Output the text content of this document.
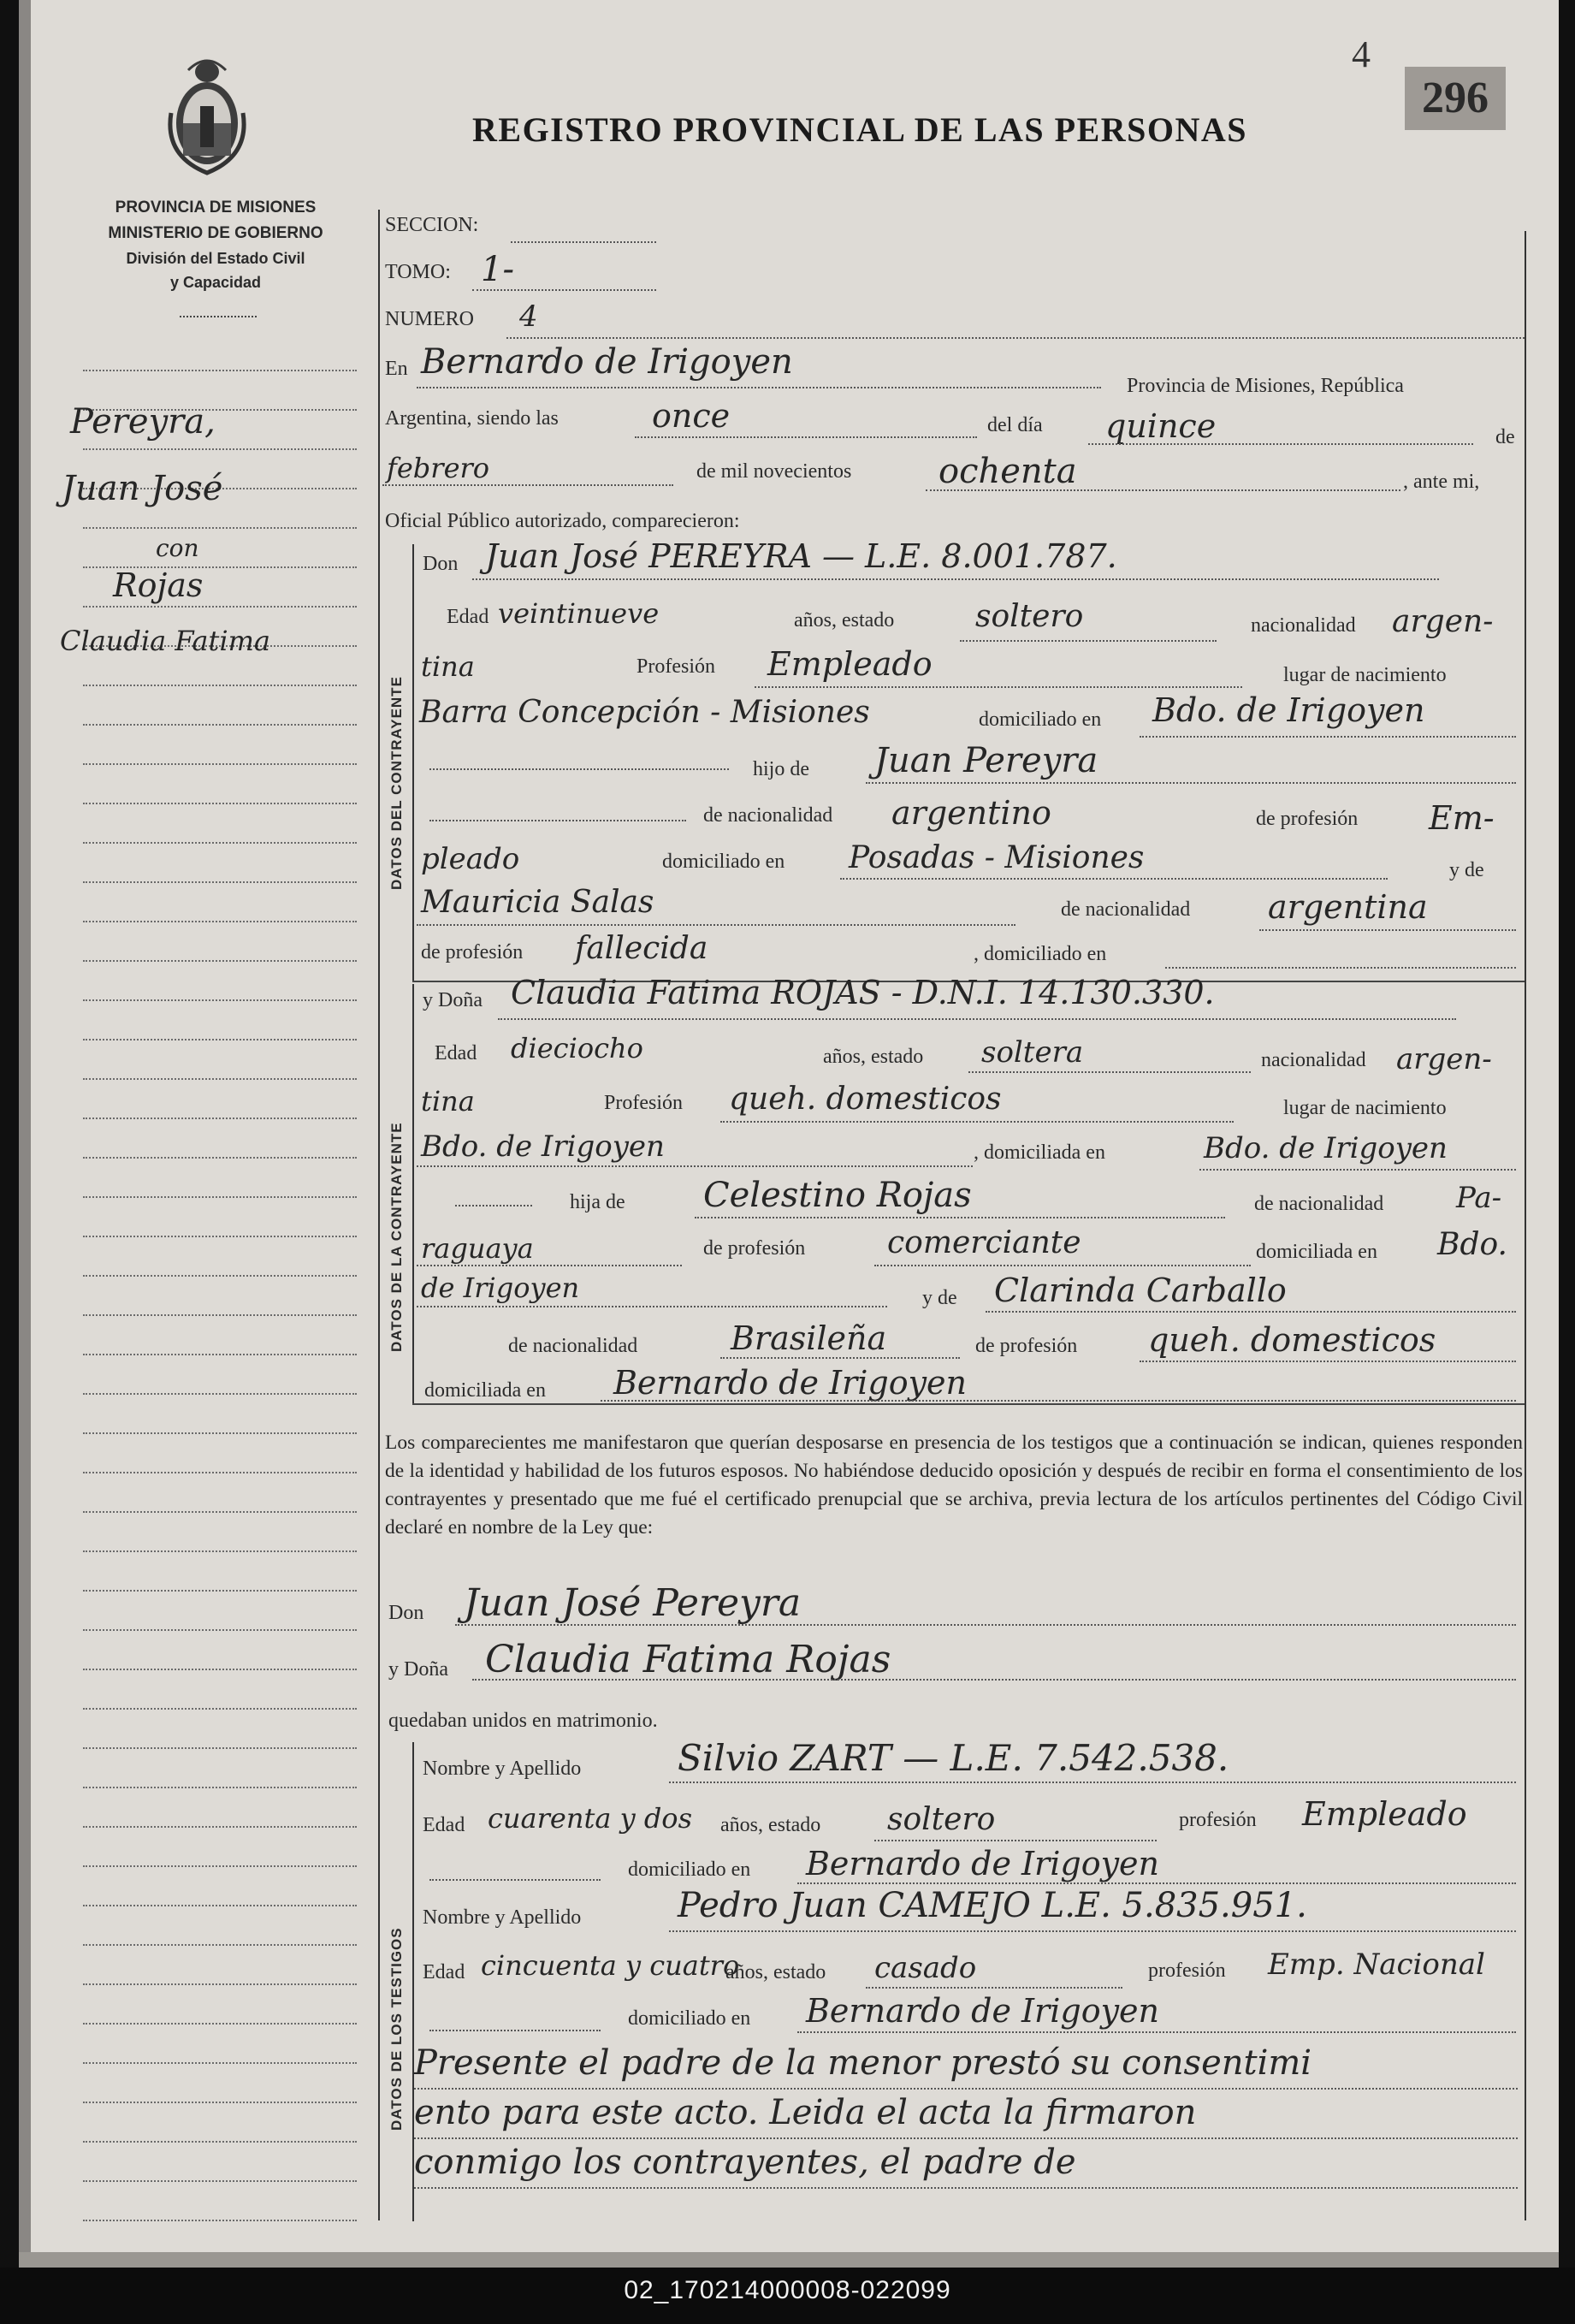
4
296
REGISTRO PROVINCIAL DE LAS PERSONAS
PROVINCIA DE MISIONES
MINISTERIO DE GOBIERNO
División del Estado Civil
y Capacidad
Pereyra,
Juan José
con
Rojas
Claudia Fatima
SECCION:
TOMO: 1-
NUMERO 4
En Bernardo de Irigoyen
Provincia de Misiones, República
Argentina, siendo las	once	del día quince	de
febrero	de mil novecientos	ochenta	, ante mi,
Oficial Público autorizado, comparecieron:
DATOS DEL CONTRAYENTE
Don Juan José PEREYRA — L.E. 8.001.787.
Edad veintinueve	años, estado	soltero	nacionalidad argen-
tina	Profesión Empleado	lugar de nacimiento
Barra Concepción - Misiones	domiciliado en Bdo. de Irigoyen
hijo de Juan Pereyra
de nacionalidad argentino	de profesión Em-
pleado	domiciliado en Posadas - Misiones	y de
Mauricia Salas	de nacionalidad argentina
de profesión fallecida	, domiciliado en
DATOS DE LA CONTRAYENTE
y Doña Claudia Fatima ROJAS - D.N.I. 14.130.330.
Edad dieciocho	años, estado soltera	nacionalidad argen-
tina	Profesión queh. domesticos	lugar de nacimiento
Bdo. de Irigoyen	, domiciliada en	Bdo. de Irigoyen
hija de Celestino Rojas	de nacionalidad Pa-
raguaya	de profesión	comerciante	domiciliada en Bdo.
de Irigoyen	y de Clarinda Carballo
de nacionalidad	Brasileña	de profesión queh. domesticos
domiciliada en Bernardo de Irigoyen
Los comparecientes me manifestaron que querían desposarse en presencia de los testigos que a continuación se indican, quienes responden de la identidad y habilidad de los futuros esposos. No habiéndose deducido oposición y después de recibir en forma el consentimiento de los contrayentes y presentado que me fué el certificado prenupcial que se archiva, previa lectura de los artículos pertinentes del Código Civil declaré en nombre de la Ley que:
Don Juan José Pereyra
y Doña Claudia Fatima Rojas
quedaban unidos en matrimonio.
DATOS DE LOS TESTIGOS
Nombre y Apellido	Silvio ZART — L.E. 7.542.538.
Edad cuarenta y dos años, estado soltero	profesión Empleado
domiciliado en Bernardo de Irigoyen
Nombre y Apellido	Pedro Juan CAMEJO L.E. 5.835.951.
Edad cincuenta y cuatro
años, estado casado	profesión Emp. Nacional
domiciliado en Bernardo de Irigoyen
Presente el padre de la menor prestó su consentimi
ento para este acto. Leida el acta la firmaron
conmigo los contrayentes, el padre de
02_170214000008-022099
